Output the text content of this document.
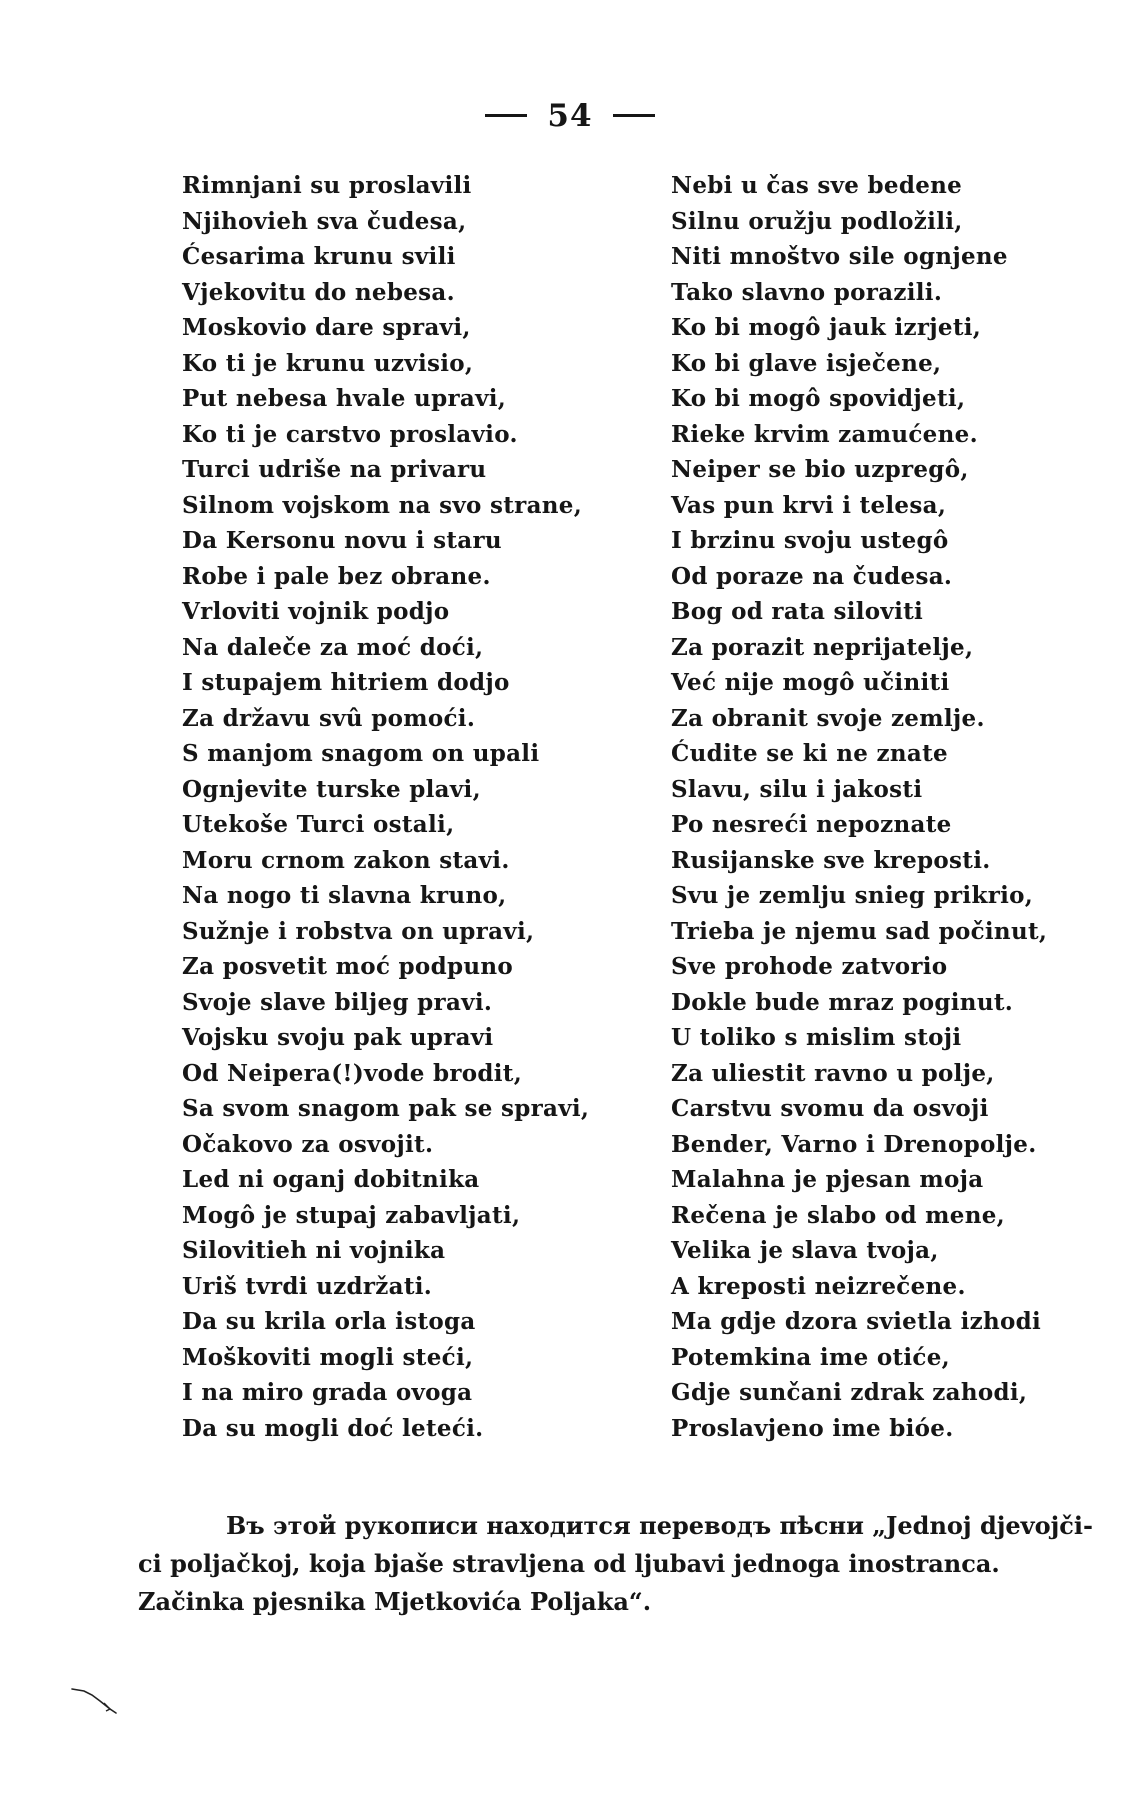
54
Rimnjani su proslavili
Njihovieh sva čudesa,
Ćesarima krunu svili
Vjekovitu do nebesa.
Moskovio dare spravi,
Ko ti je krunu uzvisio,
Put nebesa hvale upravi,
Ko ti je carstvo proslavio.
Turci udriše na privaru
Silnom vojskom na svo strane,
Da Kersonu novu i staru
Robe i pale bez obrane.
Vrloviti vojnik podjo
Na daleče za moć doći,
I stupajem hitriem dodjo
Za državu svû pomoći.
S manjom snagom on upali
Ognjevite turske plavi,
Utekoše Turci ostali,
Moru crnom zakon stavi.
Na nogo ti slavna kruno,
Sužnje i robstva on upravi,
Za posvetit moć podpuno
Svoje slave biljeg pravi.
Vojsku svoju pak upravi
Od Neipera(!)vode brodit,
Sa svom snagom pak se spravi,
Očakovo za osvojit.
Led ni oganj dobitnika
Mogô je stupaj zabavljati,
Silovitieh ni vojnika
Uriš tvrdi uzdržati.
Da su krila orla istoga
Moškoviti mogli steći,
I na miro grada ovoga
Da su mogli doć leteći.
Nebi u čas sve bedene
Silnu oružju podložili,
Niti mnoštvo sile ognjene
Tako slavno porazili.
Ko bi mogô jauk izrjeti,
Ko bi glave isječene,
Ko bi mogô spovidjeti,
Rieke krvim zamućene.
Neiper se bio uzpregô,
Vas pun krvi i telesa,
I brzinu svoju ustegô
Od poraze na čudesa.
Bog od rata siloviti
Za porazit neprijatelje,
Već nije mogô učiniti
Za obranit svoje zemlje.
Ćudite se ki ne znate
Slavu, silu i jakosti
Po nesreći nepoznate
Rusijanske sve kreposti.
Svu je zemlju snieg prikrio,
Trieba je njemu sad počinut,
Sve prohode zatvorio
Dokle bude mraz poginut.
U toliko s mislim stoji
Za uliestit ravno u polje,
Carstvu svomu da osvoji
Bender, Varno i Drenopolje.
Malahna je pjesan moja
Rečena je slabo od mene,
Velika je slava tvoja,
A kreposti neizrečene.
Ma gdje dzora svietla izhodi
Potemkina ime otiće,
Gdje sunčani zdrak zahodi,
Proslavjeno ime bióe.

Въ этой рукописи находится переводъ пѣсни „Jednoj djevojči-
ci poljačkoj, koja bjaše stravljena od ljubavi jednoga inostranca.
Začinka pjesnika Mjetkovića Poljaka“.
